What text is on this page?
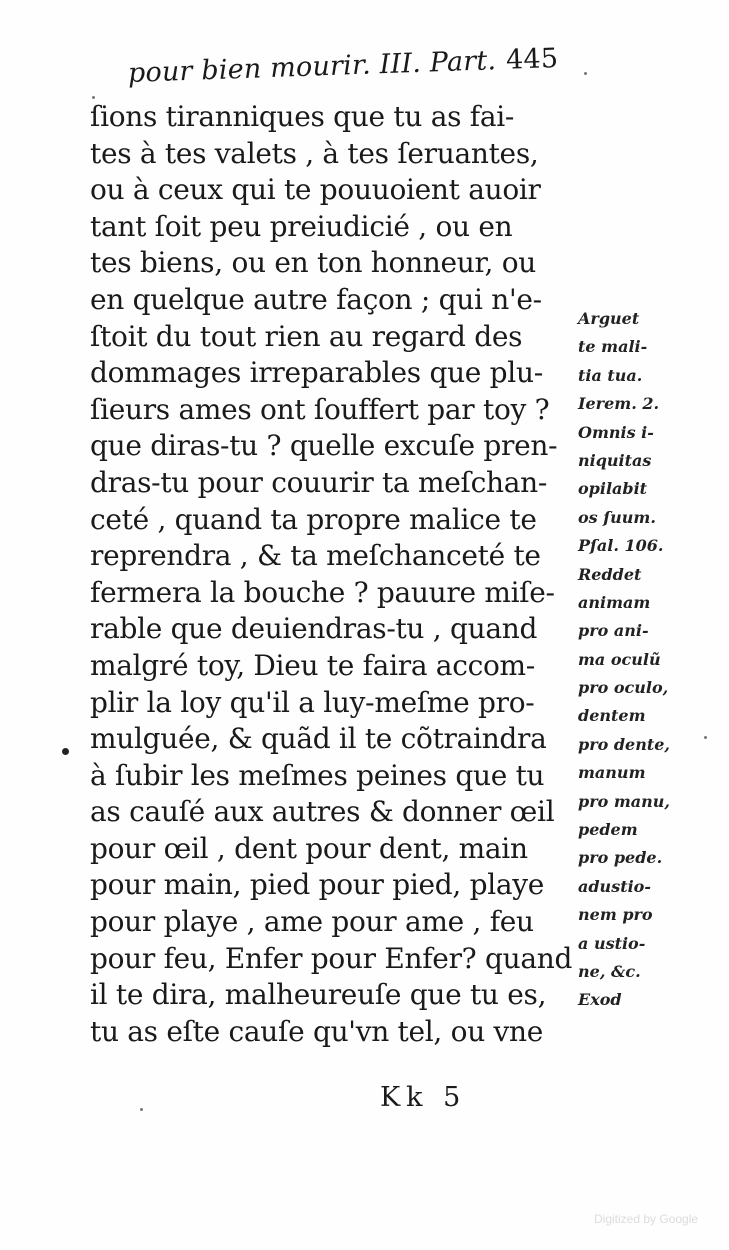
pour bien mourir. III. Part. 445
ſions tiranniques que tu as fai-
tes à tes valets , à tes ſeruantes,
ou à ceux qui te pouuoient auoir
tant ſoit peu preiudicié , ou en
tes biens, ou en ton honneur, ou
en quelque autre façon ; qui n'e-
ſtoit du tout rien au regard des
dommages irreparables que plu-
ſieurs ames ont ſouffert par toy ?
que diras-tu ? quelle excuſe pren-
dras-tu pour couurir ta meſchan-
ceté , quand ta propre malice te
reprendra , & ta meſchanceté te
fermera la bouche ? pauure miſe-
rable que deuiendras-tu , quand
malgré toy, Dieu te faira accom-
plir la loy qu'il a luy-meſme pro-
mulguée, & quãd il te cõtraindra
à ſubir les meſmes peines que tu
as cauſé aux autres & donner œil
pour œil , dent pour dent, main
pour main, pied pour pied, playe
pour playe , ame pour ame , feu
pour feu, Enfer pour Enfer? quand
il te dira, malheureuſe que tu es,
tu as eſte cauſe qu'vn tel, ou vne
Arguet
te mali-
tia tua.
Ierem. 2.
Omnis i-
niquitas
opilabit
os ſuum.
Pſal. 106.
Reddet
animam
pro ani-
ma oculũ
pro oculo,
dentem
pro dente,
manum
pro manu,
pedem
pro pede.
adustio-
nem pro
a ustio-
ne, &c.
Exod
Kk 5
Digitized by Google
